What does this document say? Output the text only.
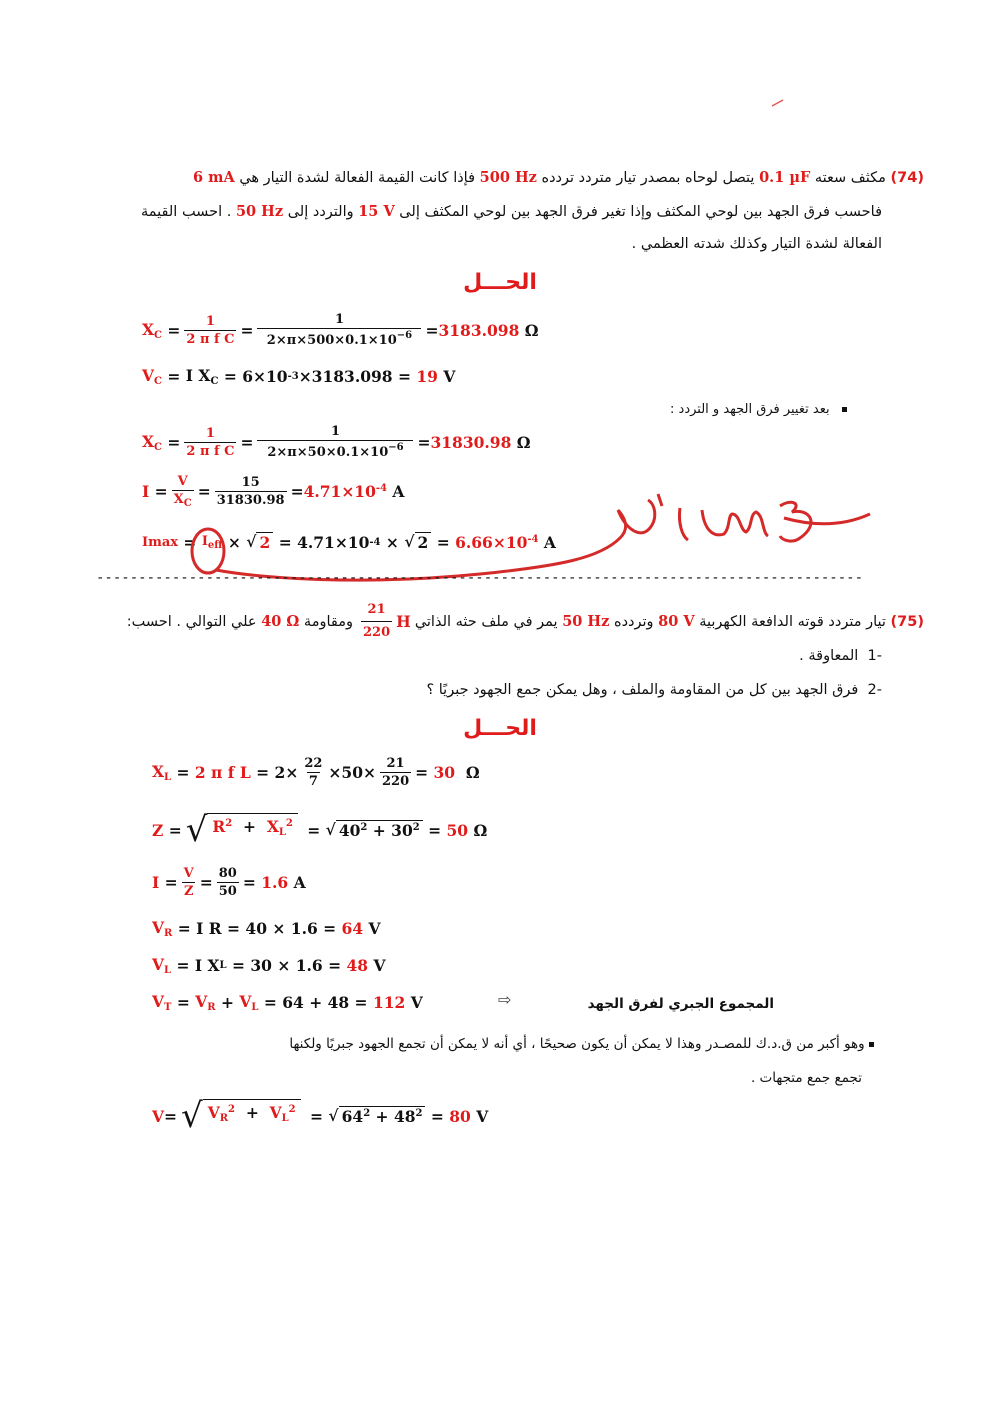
(74) مكثف سعته 0.1 µF يتصل لوحاه بمصدر تيار متردد تردده 500 Hz فإذا كانت القيمة الفعالة لشدة التيار هي 6 mA
فاحسب فرق الجهد بين لوحي المكثف وإذا تغير فرق الجهد بين لوحي المكثف إلى 15 V والتردد إلى 50 Hz . احسب القيمة
الفعالة لشدة التيار وكذلك شدته العظمي .
الحـــل
$X_C = \frac{1}{\text{2 π f C}} = \frac{1}{2\times\pi\times 500\times 0.1\times 10^{-6}} = 3183.098$
Ω
$V_C = I$ $X_C$
= 6×10 -3 ×3183.098 =
19
V
بعد تغيير فرق الجهد و التردد :
$X_C = \frac{1}{\text{2 π f C}} = \frac{1}{2\times\pi\times 50\times 0.1\times 10^{-6}} = 31830.98$
Ω
$I = \frac{V}{X_C} = \frac{15}{31830.98} = 4.71\times 10^{-4}$
A
$Imax = I_{eff}$
×
√ 2
= 4.71×10 -4
×
√ $2 = 6.66\times 10^{-4}$
A
-------------------------------------------------------------------------------------------
(75)

تيار متردد قوته الدافعة الكهربية 80 V وتردده 50 Hz يمر في ملف حثه الذاتي
$\frac{21}{220}$ H
ومقاومة 40 Ω علي التوالي . احسب:
-1  المعاوقة .
-2  فرق الجهد بين كل من المقاومة والملف ، وهل يمكن جمع الجهود جبريًا ؟
الحـــل
$X_L = 2$ π f $L = 2 \times \frac{22}{7} \times 50 \times \frac{21}{220} = 30$
Ω
Z = √ $R^2 + X_L^2$ = √ $40^2 + 30^2 = 50$
Ω
$I = \frac{V}{Z} = \frac{80}{50} = 1.6$
A
$V_R = I$ R = 40 × 1.6 =
64
V
$V_L = I$ X L
= 30 × 1.6 =
48
V
$V_T = V_R + V_L$
= 64 + 48 =
112
V	⇨	المجموع الجبري لفرق الجهد
وهو أكبر من ق.د.ك للمصـدر وهذا لا يمكن أن يكون صحيحًا ، أي أنه لا يمكن أن تجمع الجهود جبريًا ولكنها
تجمع جمع متجهات .
V = √ $V_R^2 + V_L^2$ = √ $64^2 + 48^2 = 80$
V
